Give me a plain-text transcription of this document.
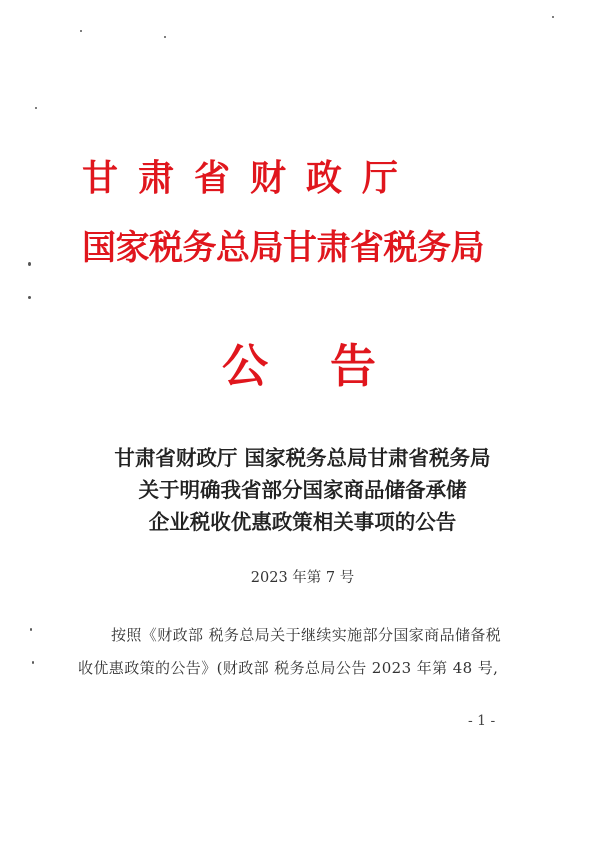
甘肃省财政厅
国家税务总局甘肃省税务局
公告
甘肃省财政厅 国家税务总局甘肃省税务局
关于明确我省部分国家商品储备承储
企业税收优惠政策相关事项的公告
2023 年第 7 号
按照《财政部 税务总局关于继续实施部分国家商品储备税
收优惠政策的公告》(财政部 税务总局公告 2023 年第 48 号,
- 1 -
